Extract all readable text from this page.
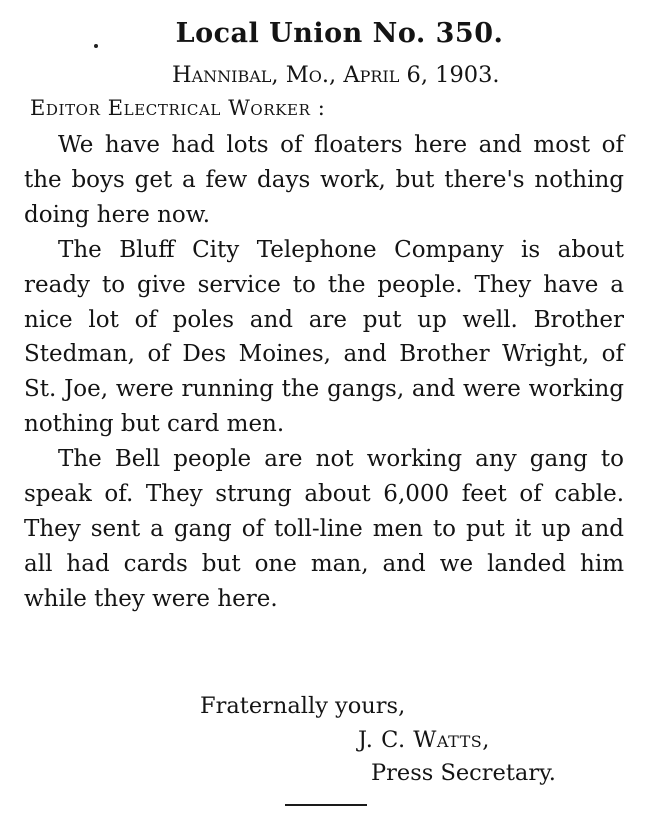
Local Union No. 350.
Hannibal, Mo., April 6, 1903.
Editor Electrical Worker :

We have had lots of floaters here and most of the boys get a few days work, but there's nothing doing here now.

The Bluff City Telephone Company is about ready to give service to the people. They have a nice lot of poles and are put up well. Brother Stedman, of Des Moines, and Brother Wright, of St. Joe, were running the gangs, and were working nothing but card men.

The Bell people are not working any gang to speak of. They strung about 6,000 feet of cable. They sent a gang of toll-line men to put it up and all had cards but one man, and we landed him while they were here.

Fraternally yours,
J. C. Watts,
Press Secretary.
